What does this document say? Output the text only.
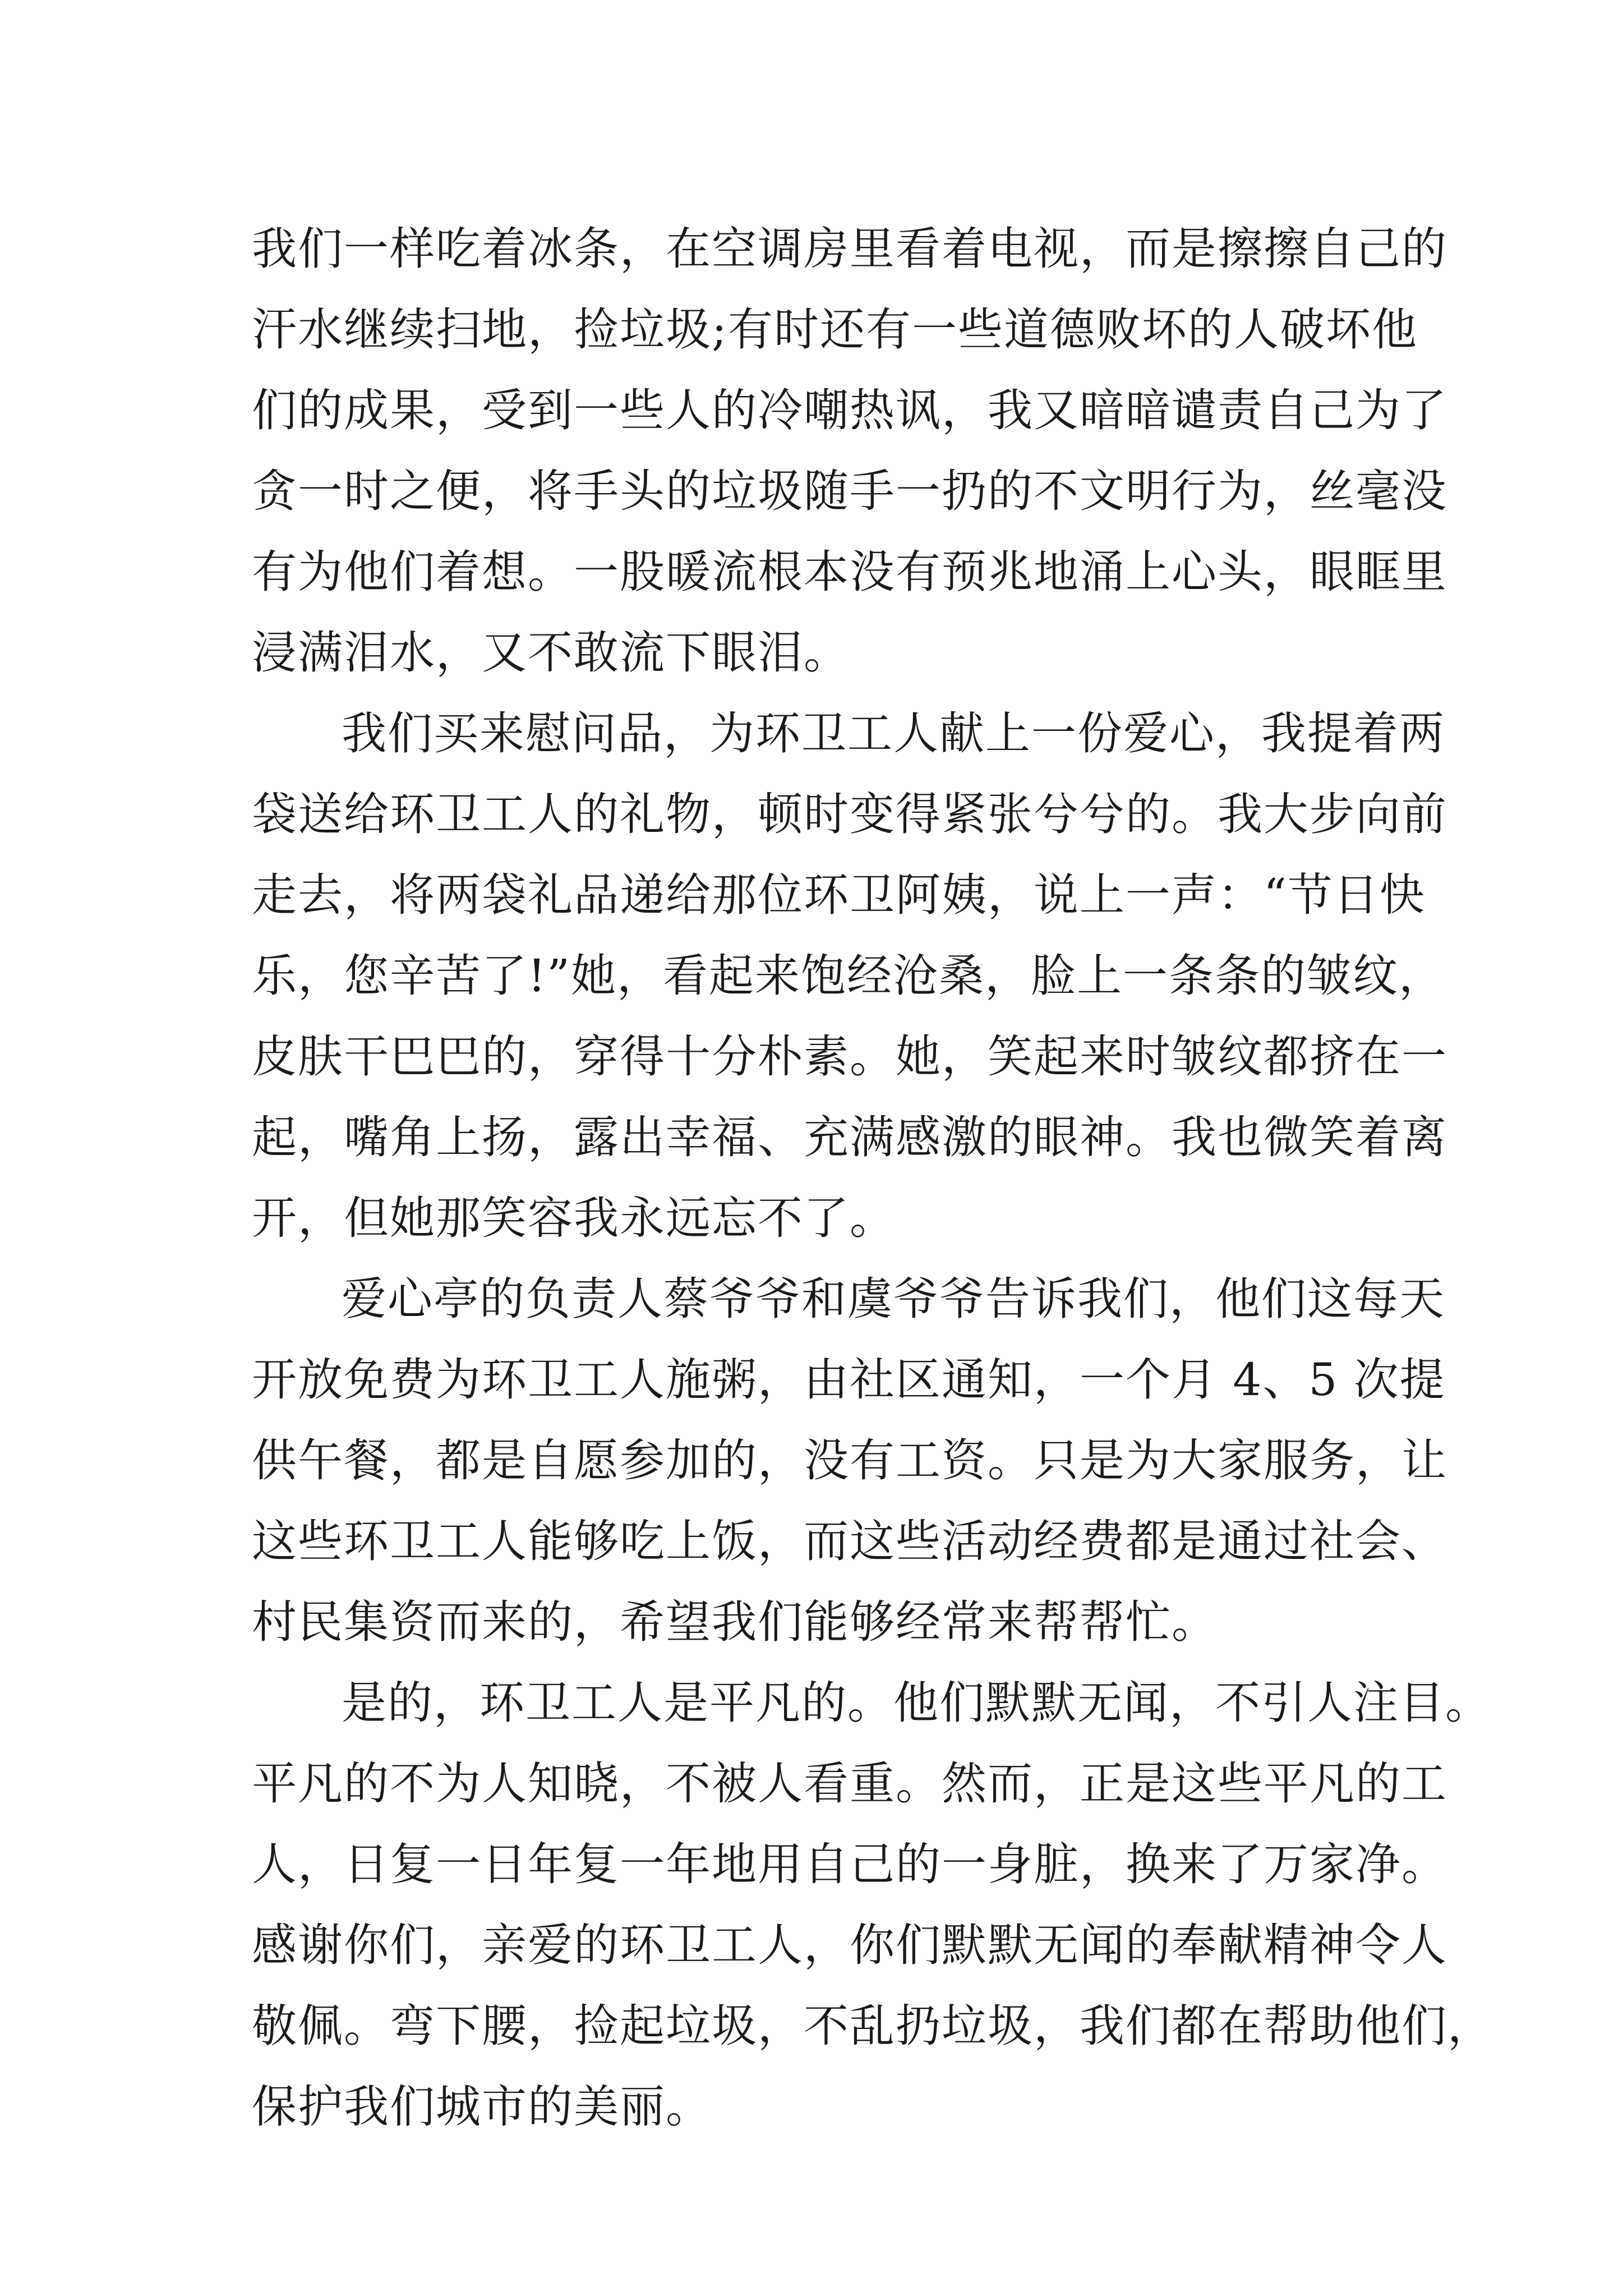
我们一样吃着冰条，在空调房里看着电视，而是擦擦自己的
汗水继续扫地，捡垃圾;有时还有一些道德败坏的人破坏他
们的成果，受到一些人的冷嘲热讽，我又暗暗谴责自己为了
贪一时之便，将手头的垃圾随手一扔的不文明行为，丝毫没
有为他们着想。一股暖流根本没有预兆地涌上心头，眼眶里
浸满泪水，又不敢流下眼泪。
我们买来慰问品，为环卫工人献上一份爱心，我提着两
袋送给环卫工人的礼物，顿时变得紧张兮兮的。我大步向前
走去，将两袋礼品递给那位环卫阿姨，说上一声：“节日快
乐，您辛苦了!”她，看起来饱经沧桑，脸上一条条的皱纹，
皮肤干巴巴的，穿得十分朴素。她，笑起来时皱纹都挤在一
起，嘴角上扬，露出幸福、充满感激的眼神。我也微笑着离
开，但她那笑容我永远忘不了。
爱心亭的负责人蔡爷爷和虞爷爷告诉我们，他们这每天
开放免费为环卫工人施粥，由社区通知，一个月 4、5 次提
供午餐，都是自愿参加的，没有工资。只是为大家服务，让
这些环卫工人能够吃上饭，而这些活动经费都是通过社会、
村民集资而来的，希望我们能够经常来帮帮忙。
是的，环卫工人是平凡的。他们默默无闻，不引人注目。
平凡的不为人知晓，不被人看重。然而，正是这些平凡的工
人，日复一日年复一年地用自己的一身脏，换来了万家净。
感谢你们，亲爱的环卫工人，你们默默无闻的奉献精神令人
敬佩。弯下腰，捡起垃圾，不乱扔垃圾，我们都在帮助他们，
保护我们城市的美丽。
